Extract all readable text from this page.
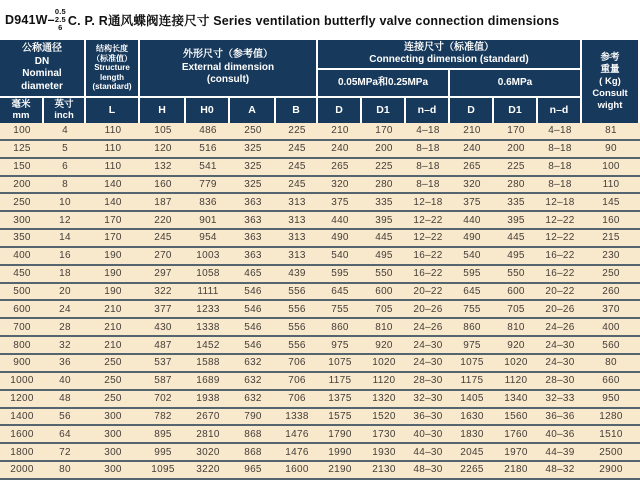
D941W–
0.5
2.5
6 C. P. R通风蝶阀连接尺寸 Series ventilation butterfly valve connection dimensions
公称通径
DN
Nominal
diameter
结构长度
（标准值）
Structure
length
(standard)
外形尺寸（参考值）
External dimension
(consult)
连接尺寸（标准值）
Connecting dimension (standard)
0.05MPa和0.25MPa	0.6MPa
参考
重量
( Kg)
Consult
wight
毫米
mm
英寸
inch	L	H	H0	A	B	D	D1	n–d	D	D1	n–d
100	4	110	105	486	250	225	210	170	4–18	210	170	4–18	81
125	5	110	120	516	325	245	240	200	8–18	240	200	8–18	90
150	6	110	132	541	325	245	265	225	8–18	265	225	8–18	100
200	8	140	160	779	325	245	320	280	8–18	320	280	8–18	110
250	10	140	187	836	363	313	375	335	12–18	375	335	12–18	145
300	12	170	220	901	363	313	440	395	12–22	440	395	12–22	160
350	14	170	245	954	363	313	490	445	12–22	490	445	12–22	215
400	16	190	270	1003	363	313	540	495	16–22	540	495	16–22	230
450	18	190	297	1058	465	439	595	550	16–22	595	550	16–22	250
500	20	190	322	1111	546	556	645	600	20–22	645	600	20–22	260
600	24	210	377	1233	546	556	755	705	20–26	755	705	20–26	370
700	28	210	430	1338	546	556	860	810	24–26	860	810	24–26	400
800	32	210	487	1452	546	556	975	920	24–30	975	920	24–30	560
900	36	250	537	1588	632	706	1075	1020	24–30	1075	1020	24–30	80
1000	40	250	587	1689	632	706	1175	1120	28–30	1175	1120	28–30	660
1200	48	250	702	1938	632	706	1375	1320	32–30	1405	1340	32–33	950
1400	56	300	782	2670	790	1338	1575	1520	36–30	1630	1560	36–36	1280
1600	64	300	895	2810	868	1476	1790	1730	40–30	1830	1760	40–36	1510
1800	72	300	995	3020	868	1476	1990	1930	44–30	2045	1970	44–39	2500
2000	80	300	1095	3220	965	1600	2190	2130	48–30	2265	2180	48–32	2900
